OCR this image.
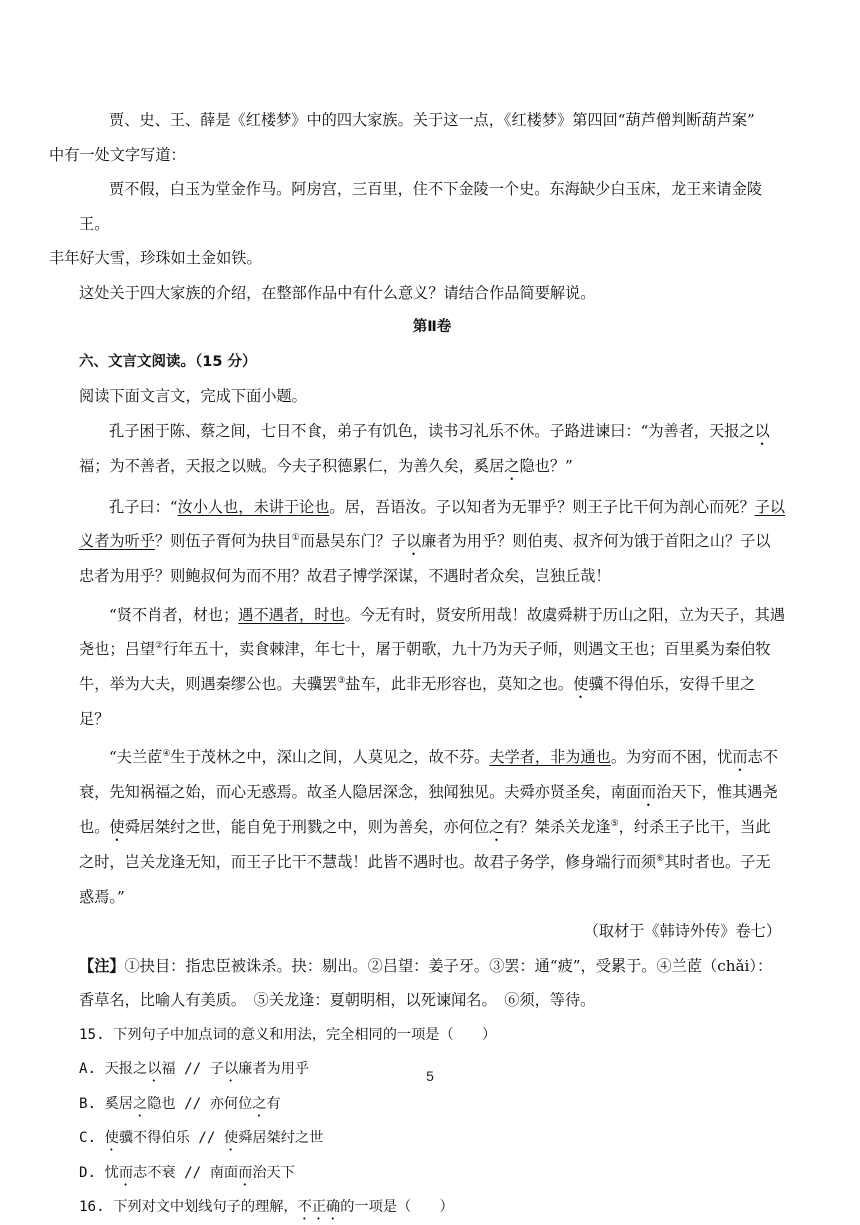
贾、史、王、薛是《红楼梦》中的四大家族。关于这一点，《红楼梦》第四回“葫芦僧判断葫芦案”
中有一处文字写道：

贾不假，白玉为堂金作马。阿房宫，三百里，住不下金陵一个史。东海缺少白玉床，龙王来请金陵王。
丰年好大雪，珍珠如土金如铁。

这处关于四大家族的介绍，在整部作品中有什么意义？请结合作品简要解说。

第Ⅱ卷

六、文言文阅读。（15 分）

阅读下面文言文，完成下面小题。

孔子困于陈、蔡之间，七日不食，弟子有饥色，读书习礼乐不休。子路进谏曰：“为善者，天报之以福；为不善者，天报之以贼。今夫子积德累仁，为善久矣，奚居之隐也？”

孔子曰：“汝小人也，未讲于论也。居，吾语汝。子以知者为无罪乎？则王子比干何为剖心而死？子以义者为听乎？则伍子胥何为抉目①而悬吴东门？子以廉者为用乎？则伯夷、叔齐何为饿于首阳之山？子以忠者为用乎？则鲍叔何为而不用？故君子博学深谋，不遇时者众矣，岂独丘哉！

“贤不肖者，材也；遇不遇者，时也。今无有时，贤安所用哉！故虞舜耕于历山之阳，立为天子，其遇尧也；吕望②行年五十，卖食棘津，年七十，屠于朝歌，九十乃为天子师，则遇文王也；百里奚为秦伯牧牛，举为大夫，则遇秦缪公也。夫骥罢③盐车，此非无形容也，莫知之也。使骥不得伯乐，安得千里之足？

“夫兰茝④生于茂林之中，深山之间，人莫见之，故不芬。夫学者，非为通也。为穷而不困，忧而志不衰，先知祸福之始，而心无惑焉。故圣人隐居深念，独闻独见。夫舜亦贤圣矣，南面而治天下，惟其遇尧也。使舜居桀纣之世，能自免于刑戮之中，则为善矣，亦何位之有？桀杀关龙逢⑤，纣杀王子比干，当此之时，岂关龙逢无知，而王子比干不慧哉！此皆不遇时也。故君子务学，修身端行而须⑥其时者也。子无惑焉。”

（取材于《韩诗外传》卷七）

【注】①抉目：指忠臣被诛杀。抉：剔出。②吕望：姜子牙。③罢：通“疲”，受累于。④兰茝（chǎi）：
香草名，比喻人有美质。　⑤关龙逢：夏朝明相，以死谏闻名。　⑥须，等待。

15. 下列句子中加点词的意义和用法，完全相同的一项是（　　）

A. 天报之以福 // 子以廉者为用乎

B. 奚居之隐也 // 亦何位之有

C. 使骥不得伯乐 // 使舜居桀纣之世

D. 忧而志不衰 // 南面而治天下

16. 下列对文中划线句子的理解，不正确的一项是（　　）

5
